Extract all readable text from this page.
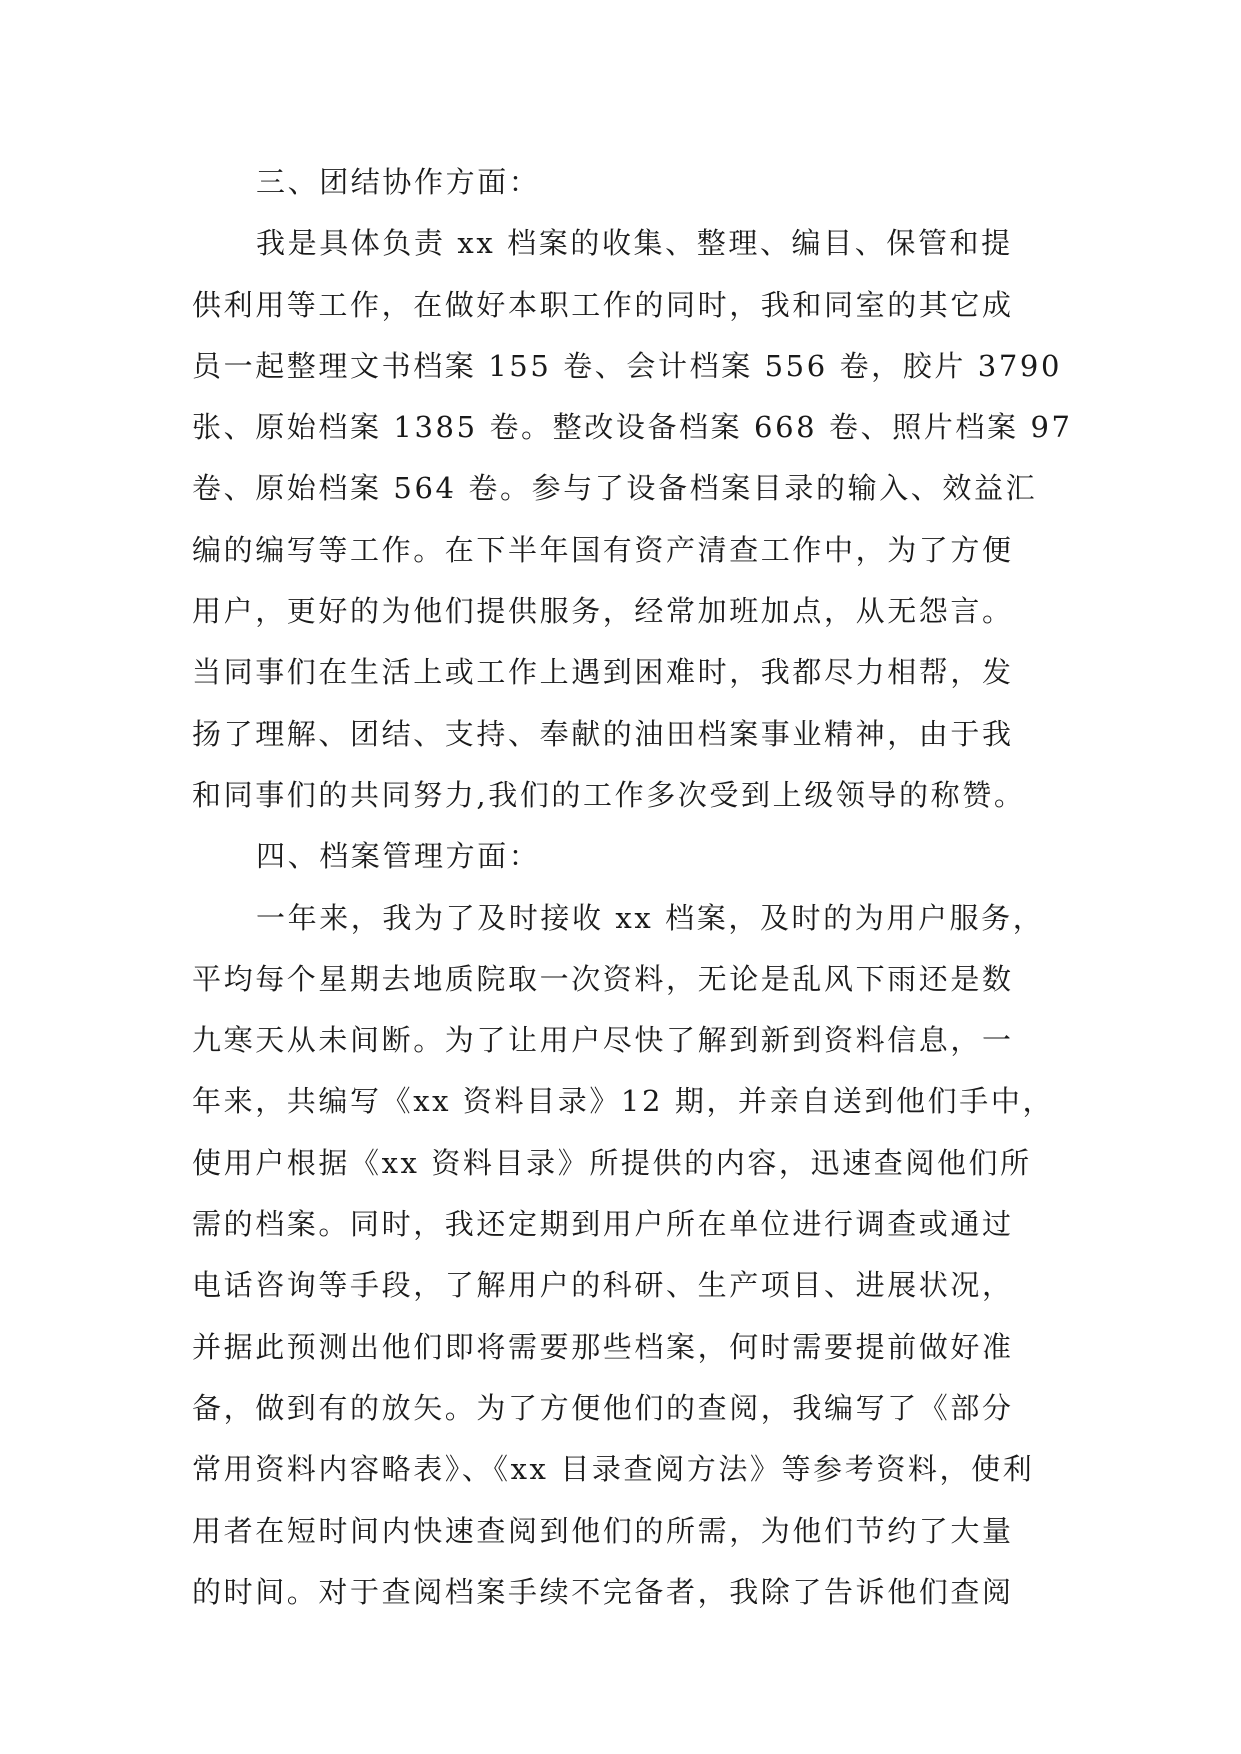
三、团结协作方面：
我是具体负责 xx 档案的收集、整理、编目、保管和提
供利用等工作，在做好本职工作的同时，我和同室的其它成
员一起整理文书档案 155 卷、会计档案 556 卷，胶片 3790
张、原始档案 1385 卷。整改设备档案 668 卷、照片档案 97
卷、原始档案 564 卷。参与了设备档案目录的输入、效益汇
编的编写等工作。在下半年国有资产清查工作中，为了方便
用户，更好的为他们提供服务，经常加班加点，从无怨言。
当同事们在生活上或工作上遇到困难时，我都尽力相帮，发
扬了理解、团结、支持、奉献的油田档案事业精神，由于我
和同事们的共同努力,我们的工作多次受到上级领导的称赞。
四、档案管理方面：
一年来，我为了及时接收 xx 档案，及时的为用户服务，
平均每个星期去地质院取一次资料，无论是乱风下雨还是数
九寒天从未间断。为了让用户尽快了解到新到资料信息，一
年来，共编写《xx 资料目录》12 期，并亲自送到他们手中，
使用户根据《xx 资料目录》所提供的内容，迅速查阅他们所
需的档案。同时，我还定期到用户所在单位进行调查或通过
电话咨询等手段，了解用户的科研、生产项目、进展状况，
并据此预测出他们即将需要那些档案，何时需要提前做好准
备，做到有的放矢。为了方便他们的查阅，我编写了《部分
常用资料内容略表》、《xx 目录查阅方法》等参考资料，使利
用者在短时间内快速查阅到他们的所需，为他们节约了大量
的时间。对于查阅档案手续不完备者，我除了告诉他们查阅
